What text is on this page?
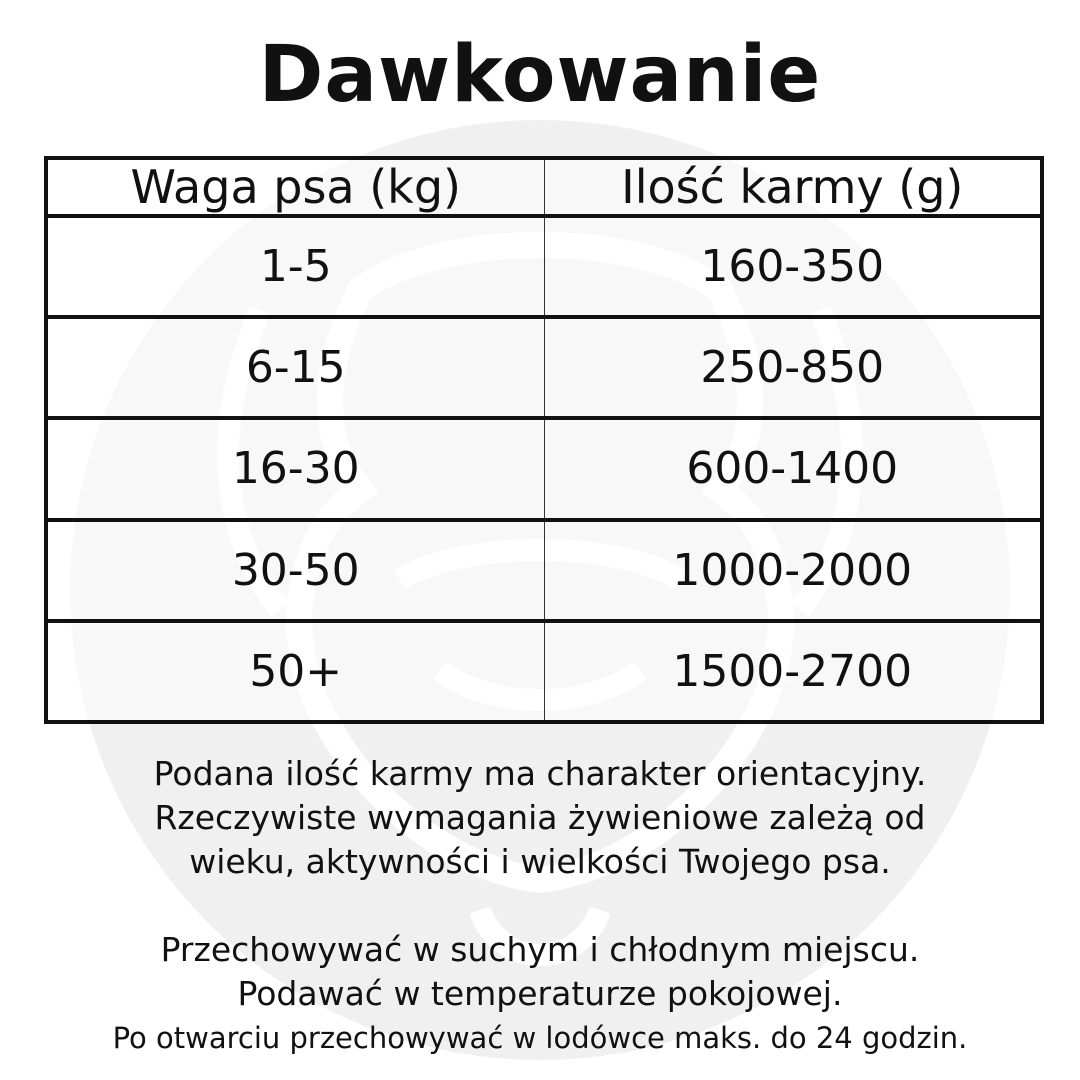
Dawkowanie
Waga psa (kg)	Ilość karmy (g)
1-5	160-350
6-15	250-850
16-30	600-1400
30-50	1000-2000
50+	1500-2700
Podana ilość karmy ma charakter orientacyjny.
Rzeczywiste wymagania żywieniowe zależą od
wieku, aktywności i wielkości Twojego psa.
Przechowywać w suchym i chłodnym miejscu.
Podawać w temperaturze pokojowej.
Po otwarciu przechowywać w lodówce maks. do 24 godzin.
